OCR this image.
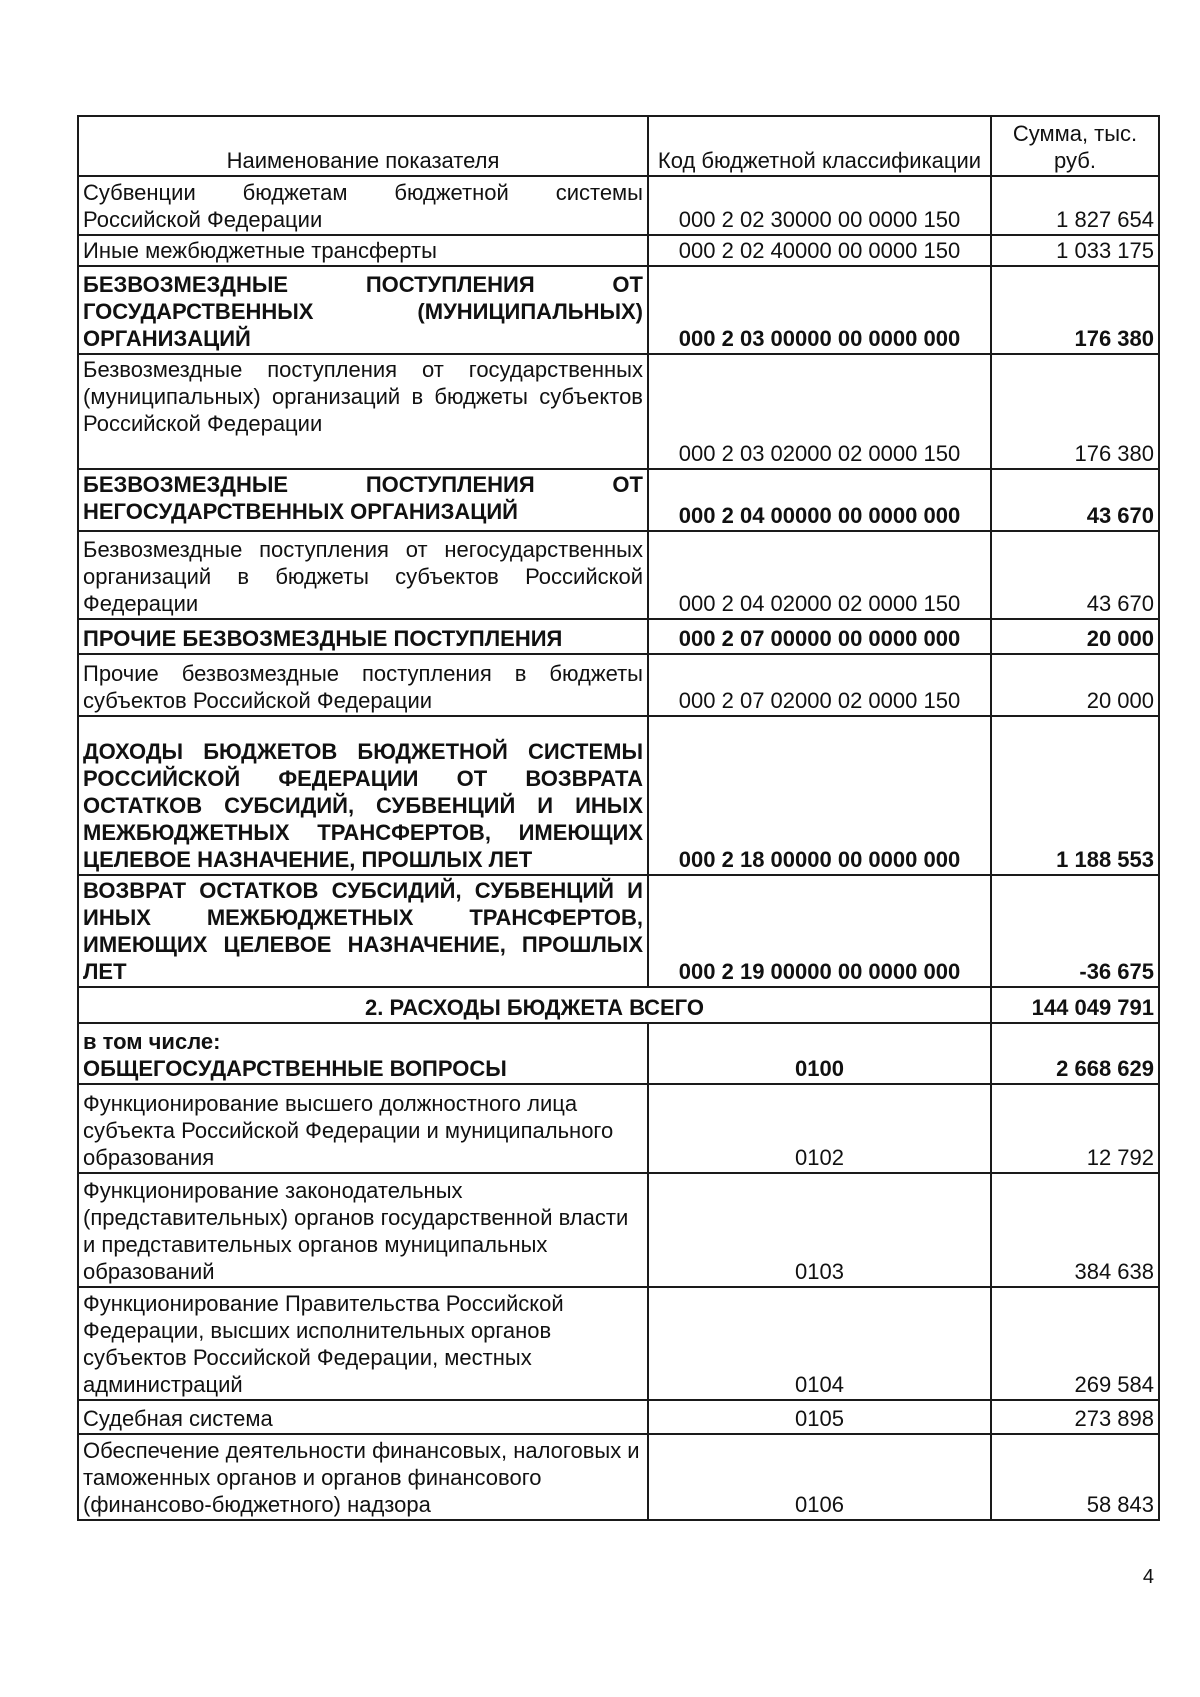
Наименование показателя	Код бюджетной классификации	Сумма, тыс. руб.
Субвенции бюджетам бюджетной системы Российской Федерации	000 2 02 30000 00 0000 150	1 827 654
Иные межбюджетные трансферты	000 2 02 40000 00 0000 150	1 033 175
БЕЗВОЗМЕЗДНЫЕ ПОСТУПЛЕНИЯ ОТ ГОСУДАРСТВЕННЫХ (МУНИЦИПАЛЬНЫХ) ОРГАНИЗАЦИЙ	000 2 03 00000 00 0000 000	176 380
Безвозмездные поступления от государственных (муниципальных) организаций в бюджеты субъектов Российской Федерации	000 2 03 02000 02 0000 150	176 380
БЕЗВОЗМЕЗДНЫЕ ПОСТУПЛЕНИЯ ОТ НЕГОСУДАРСТВЕННЫХ ОРГАНИЗАЦИЙ	000 2 04 00000 00 0000 000	43 670
Безвозмездные поступления от негосударственных организаций в бюджеты субъектов Российской Федерации	000 2 04 02000 02 0000 150	43 670
ПРОЧИЕ БЕЗВОЗМЕЗДНЫЕ ПОСТУПЛЕНИЯ	000 2 07 00000 00 0000 000	20 000
Прочие безвозмездные поступления в бюджеты субъектов Российской Федерации	000 2 07 02000 02 0000 150	20 000
ДОХОДЫ БЮДЖЕТОВ БЮДЖЕТНОЙ СИСТЕМЫ РОССИЙСКОЙ ФЕДЕРАЦИИ ОТ ВОЗВРАТА ОСТАТКОВ СУБСИДИЙ, СУБВЕНЦИЙ И ИНЫХ МЕЖБЮДЖЕТНЫХ ТРАНСФЕРТОВ, ИМЕЮЩИХ ЦЕЛЕВОЕ НАЗНАЧЕНИЕ, ПРОШЛЫХ ЛЕТ	000 2 18 00000 00 0000 000	1 188 553
ВОЗВРАТ ОСТАТКОВ СУБСИДИЙ, СУБВЕНЦИЙ И ИНЫХ МЕЖБЮДЖЕТНЫХ ТРАНСФЕРТОВ, ИМЕЮЩИХ ЦЕЛЕВОЕ НАЗНАЧЕНИЕ, ПРОШЛЫХ ЛЕТ	000 2 19 00000 00 0000 000	-36 675
2. РАСХОДЫ БЮДЖЕТА ВСЕГО		144 049 791

в том числе:
ОБЩЕГОСУДАРСТВЕННЫЕ ВОПРОСЫ	0100	2 668 629
Функционирование высшего должностного лица субъекта Российской Федерации и муниципального образования	0102	12 792
Функционирование законодательных (представительных) органов государственной власти и представительных органов муниципальных образований	0103	384 638
Функционирование Правительства Российской Федерации, высших исполнительных органов субъектов Российской Федерации, местных администраций	0104	269 584
Судебная система	0105	273 898
Обеспечение деятельности финансовых, налоговых и таможенных органов и органов финансового (финансово-бюджетного) надзора	0106	58 843
4
